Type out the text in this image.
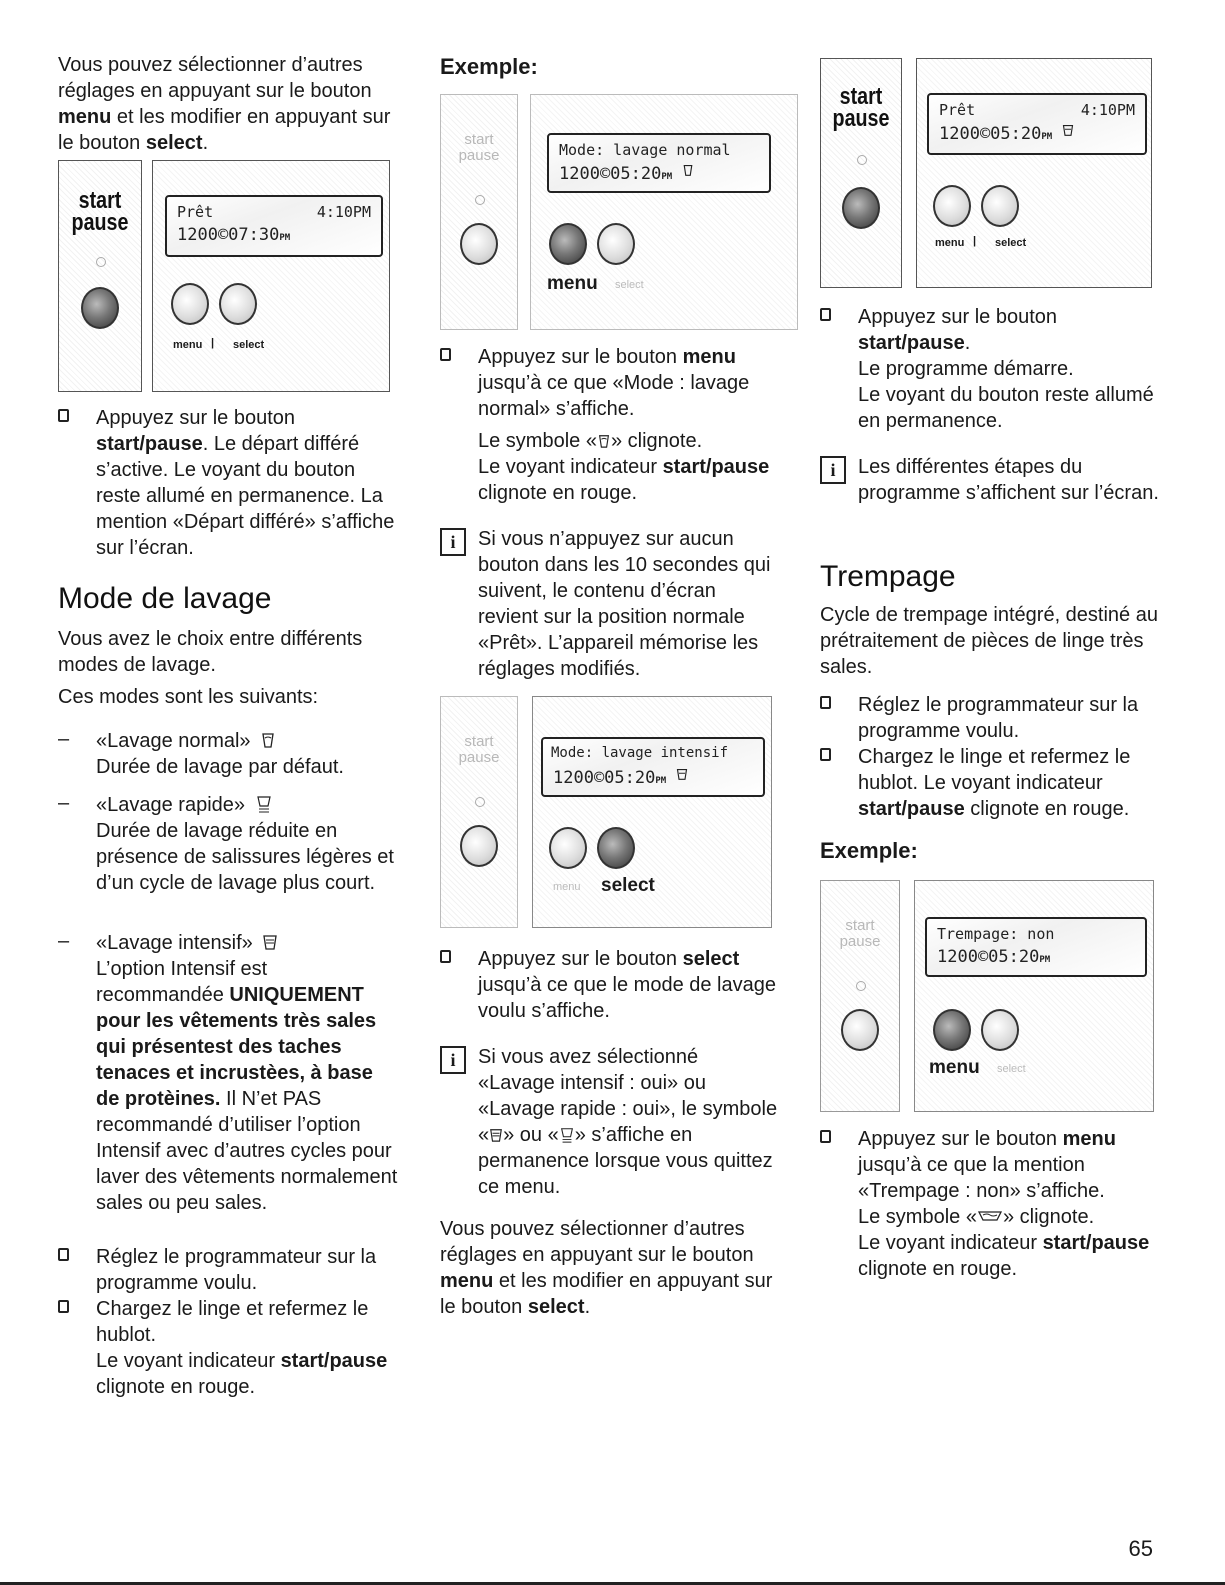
Vous pouvez sélectionner d’autres réglages en appuyant sur le bouton menu et les modifier en appuyant sur le bouton select.

start
pause	Prêt	4:10PM
1200©07:30PM
menu | select

Appuyez sur le bouton start/pause. Le départ différé s’active. Le voyant du bouton reste allumé en permanence. La mention «Départ différé» s’affiche sur l’écran.

Mode de lavage

Vous avez le choix entre différents modes de lavage.

Ces modes sont les suivants:

– «Lavage normal»
Durée de lavage par défaut.

– «Lavage rapide»
Durée de lavage réduite en présence de salissures légères et d’un cycle de lavage plus court.

– «Lavage intensif»
L’option Intensif est recommandée UNIQUEMENT pour les vêtements très sales qui présentest des taches tenaces et incrustèes, à base de protèines. Il N’et PAS recommandé d’utiliser l’option Intensif avec d’autres cycles pour laver des vêtements normalement sales ou peu sales.

Réglez le programmateur sur la programme voulu.

Chargez le linge et refermez le hublot.
Le voyant indicateur start/pause clignote en rouge.

Exemple:
start
pause	Mode: lavage normal
1200©05:20PM
menu select

Appuyez sur le bouton menu jusqu’à ce que «Mode : lavage normal» s’affiche.

Le symbole « » clignote.
Le voyant indicateur start/pause clignote en rouge.

i	Si vous n’appuyez sur aucun bouton dans les 10 secondes qui suivent, le contenu d’écran revient sur la position normale «Prêt». L’appareil mémorise les réglages modifiés.

start
pause	Mode: lavage intensif
1200©05:20PM
menu select

Appuyez sur le bouton select jusqu’à ce que le mode de lavage voulu s’affiche.

i	Si vous avez sélectionné «Lavage intensif : oui» ou «Lavage rapide : oui», le symbole « » ou « » s’affiche en permanence lorsque vous quittez ce menu.

Vous pouvez sélectionner d’autres réglages en appuyant sur le bouton menu et les modifier en appuyant sur le bouton select.

start
pause	Prêt	4:10PM
1200©05:20PM
menu | select

Appuyez sur le bouton start/pause.
Le programme démarre.
Le voyant du bouton reste allumé en permanence.

i	Les différentes étapes du programme s’affichent sur l’écran.

Trempage

Cycle de trempage intégré, destiné au prétraitement de pièces de linge très sales.

Réglez le programmateur sur la programme voulu.

Chargez le linge et refermez le hublot. Le voyant indicateur start/pause clignote en rouge.

Exemple:
start
pause	Trempage: non
1200©05:20PM
menu select

Appuyez sur le bouton menu jusqu’à ce que la mention «Trempage : non» s’affiche.
Le symbole « » clignote.
Le voyant indicateur start/pause clignote en rouge.

65
